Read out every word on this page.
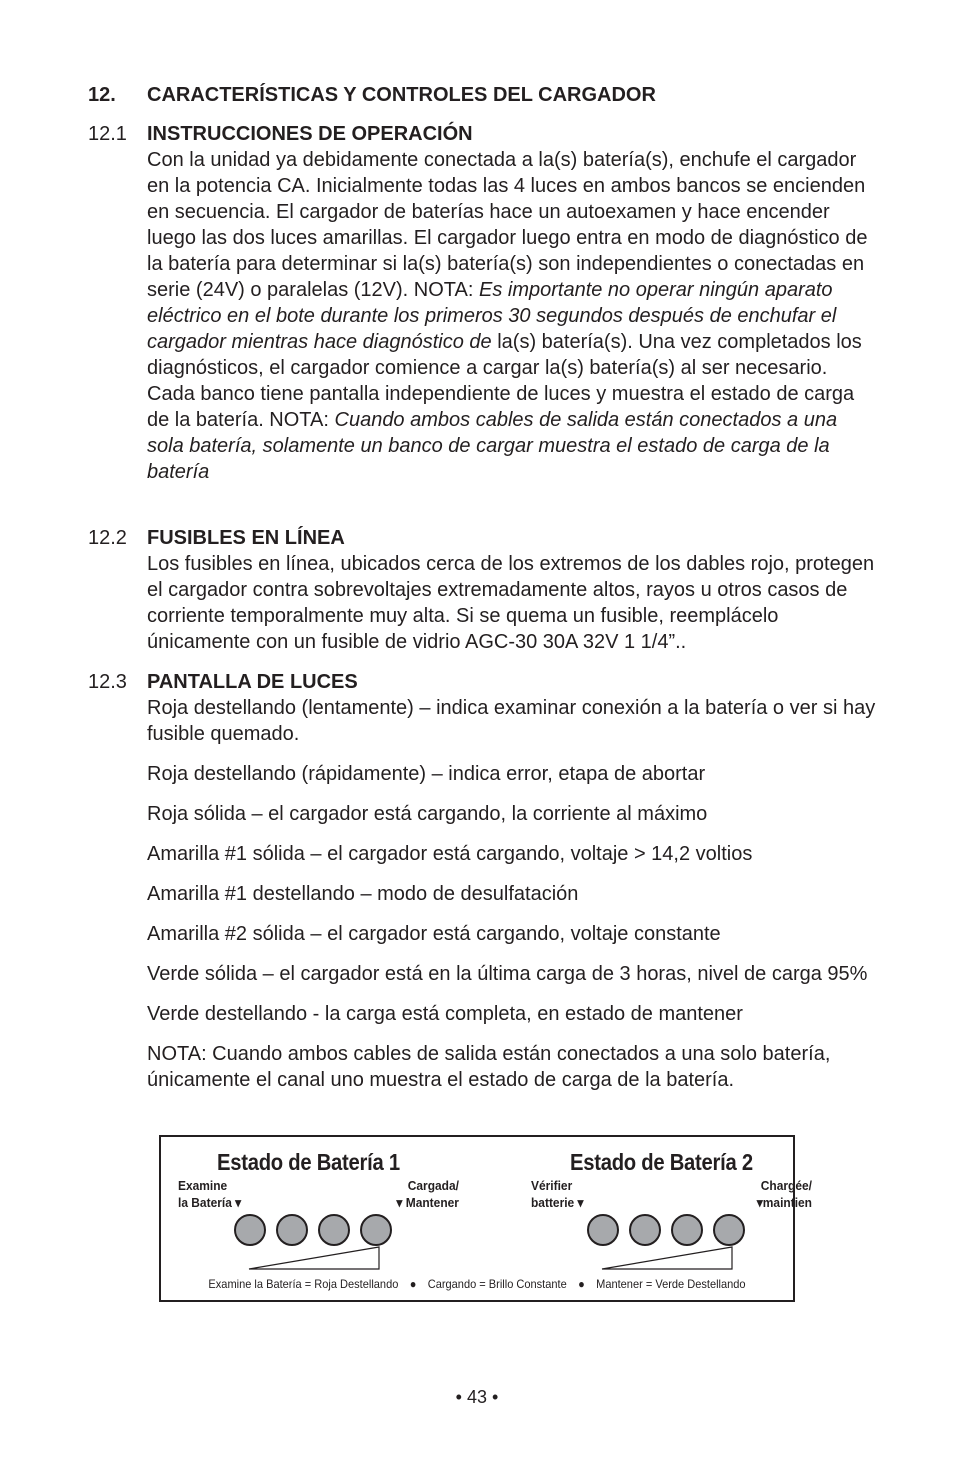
12. CARACTERÍSTICAS Y CONTROLES DEL CARGADOR
12.1 INSTRUCCIONES DE OPERACIÓN

Con la unidad ya debidamente conectada a la(s) batería(s), enchufe el cargador en la potencia CA. Inicialmente todas las 4 luces en ambos bancos se encienden en secuencia. El cargador de baterías hace un autoexamen y hace encender luego las dos luces amarillas. El cargador luego entra en modo de diagnóstico de la batería para determinar si la(s) batería(s) son independientes o conectadas en serie (24V) o paralelas (12V). NOTA: Es importante no operar ningún aparato eléctrico en el bote durante los primeros 30 segundos después de enchufar el cargador mientras hace diagnóstico de la(s) batería(s). Una vez completados los diagnósticos, el cargador comience a cargar la(s) batería(s) al ser necesario. Cada banco tiene pantalla independiente de luces y muestra el estado de carga de la batería. NOTA: Cuando ambos cables de salida están conectados a una sola batería, solamente un banco de cargar muestra el estado de carga de la batería

12.2 FUSIBLES EN LÍNEA

Los fusibles en línea, ubicados cerca de los extremos de los dables rojo, protegen el cargador contra sobrevoltajes extremadamente altos, rayos u otros casos de corriente temporalmente muy alta. Si se quema un fusible, reemplácelo únicamente con un fusible de vidrio AGC-30 30A 32V 1 1/4”..

12.3 PANTALLA DE LUCES

Roja destellando (lentamente) – indica examinar conexión a la batería o ver si hay fusible quemado.

Roja destellando (rápidamente) – indica error, etapa de abortar

Roja sólida – el cargador está cargando, la corriente al máximo

Amarilla #1 sólida – el cargador está cargando, voltaje > 14,2 voltios

Amarilla #1 destellando – modo de desulfatación

Amarilla #2 sólida – el cargador está cargando, voltaje constante

Verde sólida – el cargador está en la última carga de 3 horas, nivel de carga 95%

Verde destellando - la carga está completa, en estado de mantener

NOTA: Cuando ambos cables de salida están conectados a una solo batería, únicamente el canal uno muestra el estado de carga de la batería.

Estado de Batería 1
Examine
la Batería ▾
Cargada/
▾ Mantener
Estado de Batería 2
Vérifier
batterie ▾
Chargée/
▾maintien
Examine la Batería = Roja Destellando ● Cargando = Brillo Constante ● Mantener = Verde Destellando
• 43 •
